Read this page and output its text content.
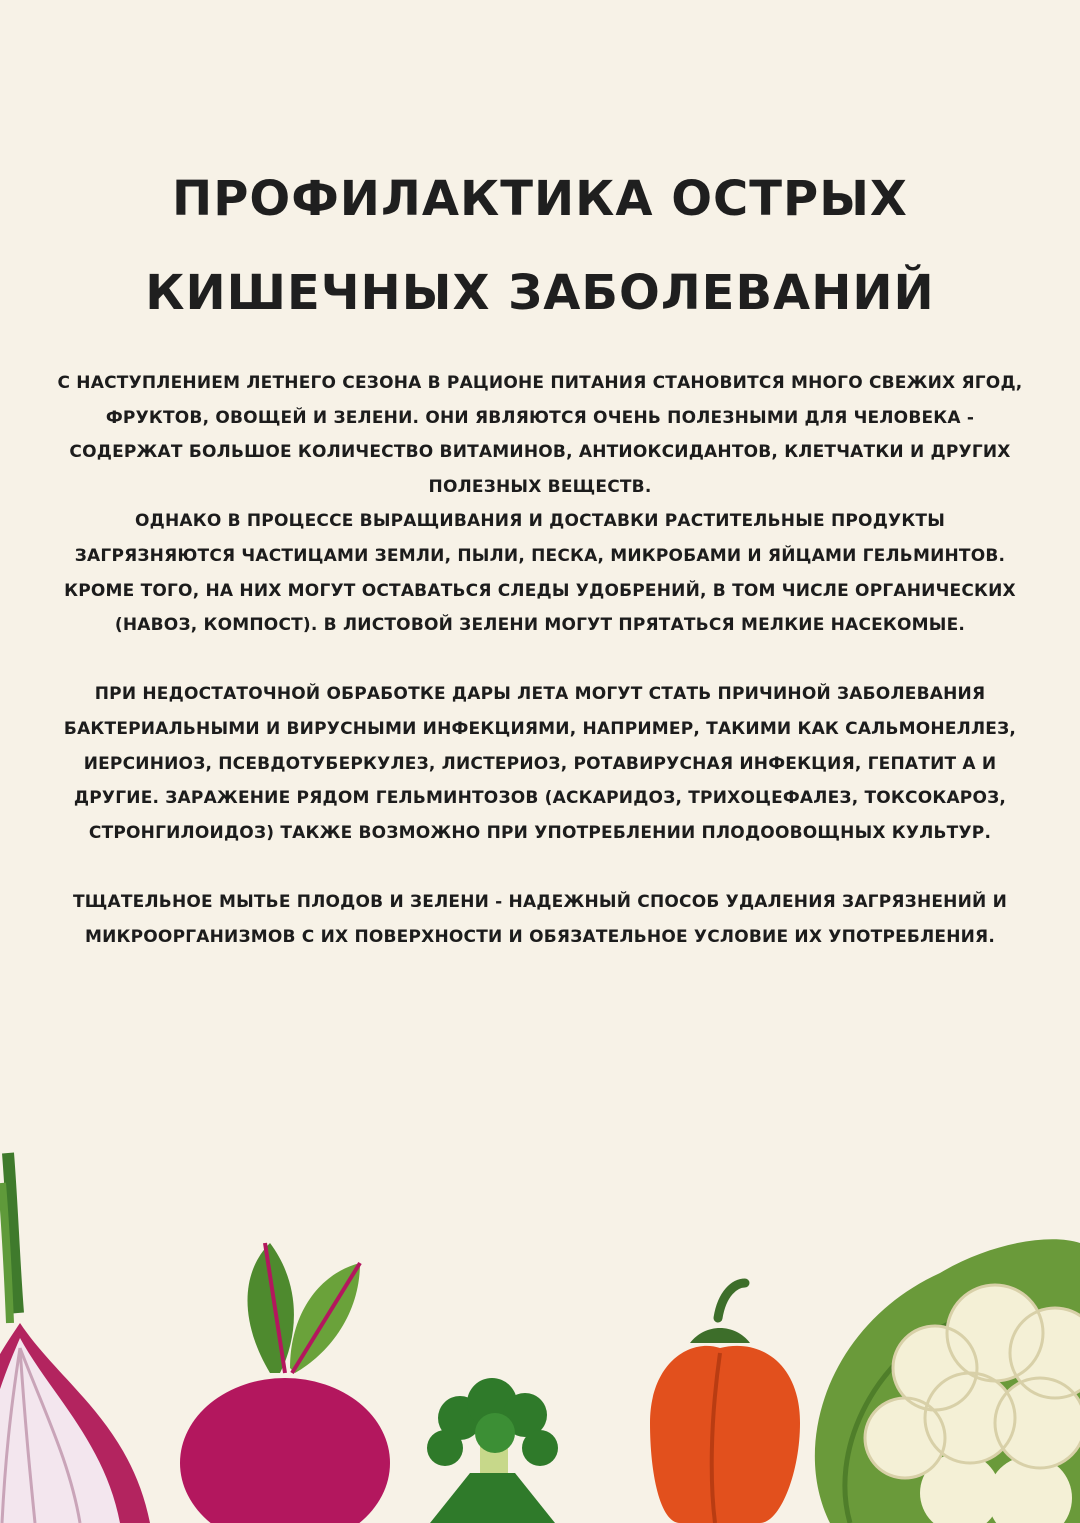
ПРОФИЛАКТИКА ОСТРЫХ
КИШЕЧНЫХ ЗАБОЛЕВАНИЙ

С НАСТУПЛЕНИЕМ ЛЕТНЕГО СЕЗОНА В РАЦИОНЕ ПИТАНИЯ СТАНОВИТСЯ МНОГО СВЕЖИХ ЯГОД, ФРУКТОВ, ОВОЩЕЙ И ЗЕЛЕНИ. ОНИ ЯВЛЯЮТСЯ ОЧЕНЬ ПОЛЕЗНЫМИ ДЛЯ ЧЕЛОВЕКА - СОДЕРЖАТ БОЛЬШОЕ КОЛИЧЕСТВО ВИТАМИНОВ, АНТИОКСИДАНТОВ, КЛЕТЧАТКИ И ДРУГИХ ПОЛЕЗНЫХ ВЕЩЕСТВ.

ОДНАКО В ПРОЦЕССЕ ВЫРАЩИВАНИЯ И ДОСТАВКИ РАСТИТЕЛЬНЫЕ ПРОДУКТЫ ЗАГРЯЗНЯЮТСЯ ЧАСТИЦАМИ ЗЕМЛИ, ПЫЛИ, ПЕСКА, МИКРОБАМИ И ЯЙЦАМИ ГЕЛЬМИНТОВ. КРОМЕ ТОГО, НА НИХ МОГУТ ОСТАВАТЬСЯ СЛЕДЫ УДОБРЕНИЙ, В ТОМ ЧИСЛЕ ОРГАНИЧЕСКИХ (НАВОЗ, КОМПОСТ). В ЛИСТОВОЙ ЗЕЛЕНИ МОГУТ ПРЯТАТЬСЯ МЕЛКИЕ НАСЕКОМЫЕ.

ПРИ НЕДОСТАТОЧНОЙ ОБРАБОТКЕ ДАРЫ ЛЕТА МОГУТ СТАТЬ ПРИЧИНОЙ ЗАБОЛЕВАНИЯ БАКТЕРИАЛЬНЫМИ И ВИРУСНЫМИ ИНФЕКЦИЯМИ, НАПРИМЕР, ТАКИМИ КАК САЛЬМОНЕЛЛЕЗ, ИЕРСИНИОЗ, ПСЕВДОТУБЕРКУЛЕЗ, ЛИСТЕРИОЗ, РОТАВИРУСНАЯ ИНФЕКЦИЯ, ГЕПАТИТ А И ДРУГИЕ. ЗАРАЖЕНИЕ РЯДОМ ГЕЛЬМИНТОЗОВ (АСКАРИДОЗ, ТРИХОЦЕФАЛЕЗ, ТОКСОКАРОЗ, СТРОНГИЛОИДОЗ) ТАКЖЕ ВОЗМОЖНО ПРИ УПОТРЕБЛЕНИИ ПЛОДООВОЩНЫХ КУЛЬТУР.

ТЩАТЕЛЬНОЕ МЫТЬЕ ПЛОДОВ И ЗЕЛЕНИ - НАДЕЖНЫЙ СПОСОБ УДАЛЕНИЯ ЗАГРЯЗНЕНИЙ И МИКРООРГАНИЗМОВ С ИХ ПОВЕРХНОСТИ И ОБЯЗАТЕЛЬНОЕ УСЛОВИЕ ИХ УПОТРЕБЛЕНИЯ.
